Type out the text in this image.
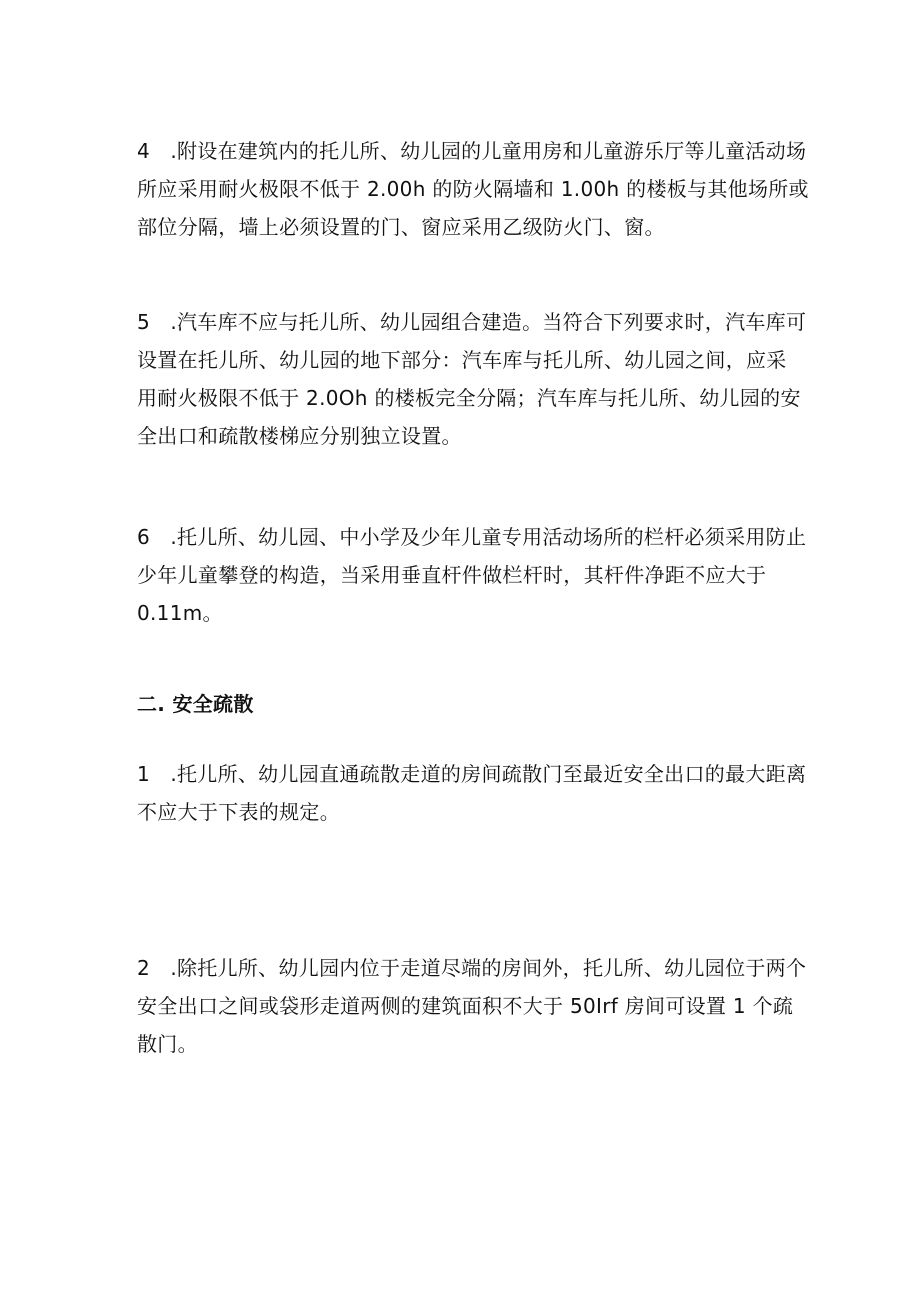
4 .附设在建筑内的托儿所、幼儿园的儿童用房和儿童游乐厅等儿童活动场
所应采用耐火极限不低于 2.00h 的防火隔墙和 1.00h 的楼板与其他场所或
部位分隔，墙上必须设置的门、窗应采用乙级防火门、窗。

5 .汽车库不应与托儿所、幼儿园组合建造。当符合下列要求时，汽车库可
设置在托儿所、幼儿园的地下部分：汽车库与托儿所、幼儿园之间，应采
用耐火极限不低于 2.0Oh 的楼板完全分隔；汽车库与托儿所、幼儿园的安
全出口和疏散楼梯应分别独立设置。

6 .托儿所、幼儿园、中小学及少年儿童专用活动场所的栏杆必须采用防止
少年儿童攀登的构造，当采用垂直杆件做栏杆时，其杆件净距不应大于
0.11m。

二. 安全疏散

1 .托儿所、幼儿园直通疏散走道的房间疏散门至最近安全出口的最大距离
不应大于下表的规定。

2 .除托儿所、幼儿园内位于走道尽端的房间外，托儿所、幼儿园位于两个
安全出口之间或袋形走道两侧的建筑面积不大于 50Irf 房间可设置 1 个疏
散门。
